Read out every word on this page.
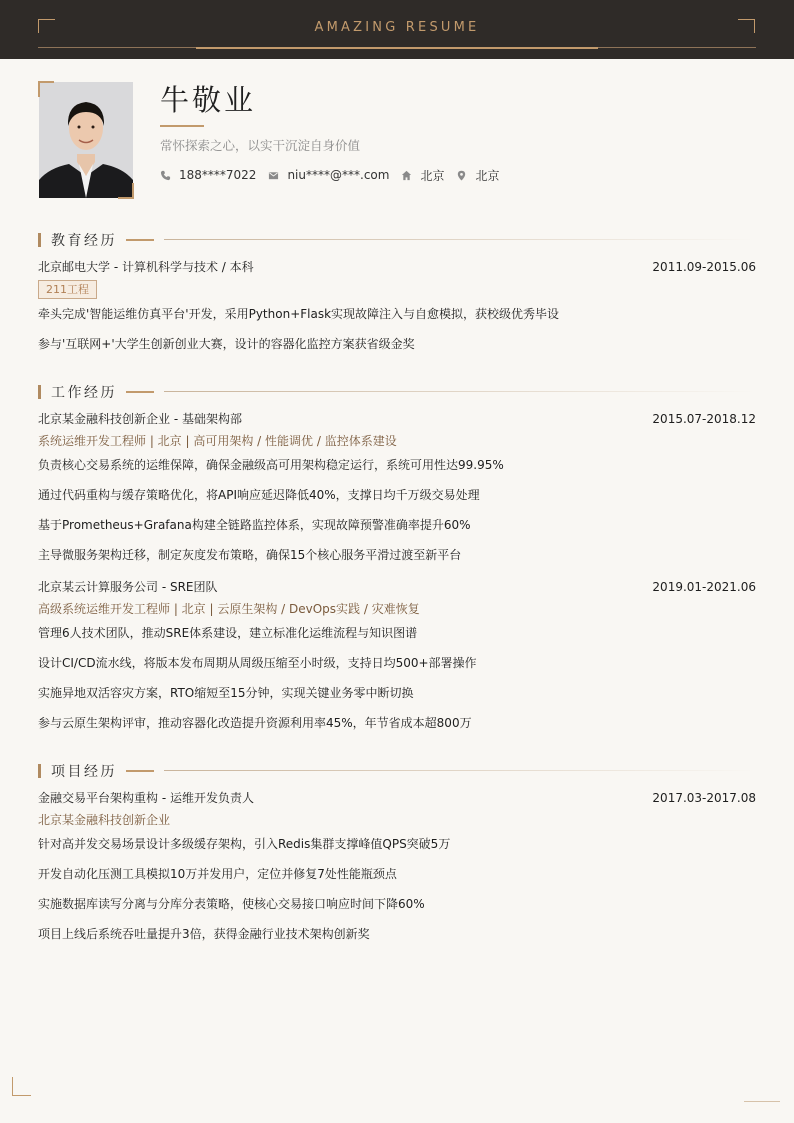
AMAZING RESUME
牛敬业
常怀探索之心，以实干沉淀自身价值
188****7022	niu****@***.com	北京	北京
教育经历
北京邮电大学 - 计算机科学与技术 / 本科	2011.09-2015.06
211工程
牵头完成'智能运维仿真平台'开发，采用Python+Flask实现故障注入与自愈模拟，获校级优秀毕设
参与'互联网+'大学生创新创业大赛，设计的容器化监控方案获省级金奖
工作经历
北京某金融科技创新企业 - 基础架构部	2015.07-2018.12
系统运维开发工程师 | 北京 | 高可用架构 / 性能调优 / 监控体系建设
负责核心交易系统的运维保障，确保金融级高可用架构稳定运行，系统可用性达99.95%
通过代码重构与缓存策略优化，将API响应延迟降低40%，支撑日均千万级交易处理
基于Prometheus+Grafana构建全链路监控体系，实现故障预警准确率提升60%
主导微服务架构迁移，制定灰度发布策略，确保15个核心服务平滑过渡至新平台
北京某云计算服务公司 - SRE团队	2019.01-2021.06
高级系统运维开发工程师 | 北京 | 云原生架构 / DevOps实践 / 灾难恢复
管理6人技术团队，推动SRE体系建设，建立标准化运维流程与知识图谱
设计CI/CD流水线，将版本发布周期从周级压缩至小时级，支持日均500+部署操作
实施异地双活容灾方案，RTO缩短至15分钟，实现关键业务零中断切换
参与云原生架构评审，推动容器化改造提升资源利用率45%，年节省成本超800万
项目经历
金融交易平台架构重构 - 运维开发负责人	2017.03-2017.08
北京某金融科技创新企业
针对高并发交易场景设计多级缓存架构，引入Redis集群支撑峰值QPS突破5万
开发自动化压测工具模拟10万并发用户，定位并修复7处性能瓶颈点
实施数据库读写分离与分库分表策略，使核心交易接口响应时间下降60%
项目上线后系统吞吐量提升3倍，获得金融行业技术架构创新奖
